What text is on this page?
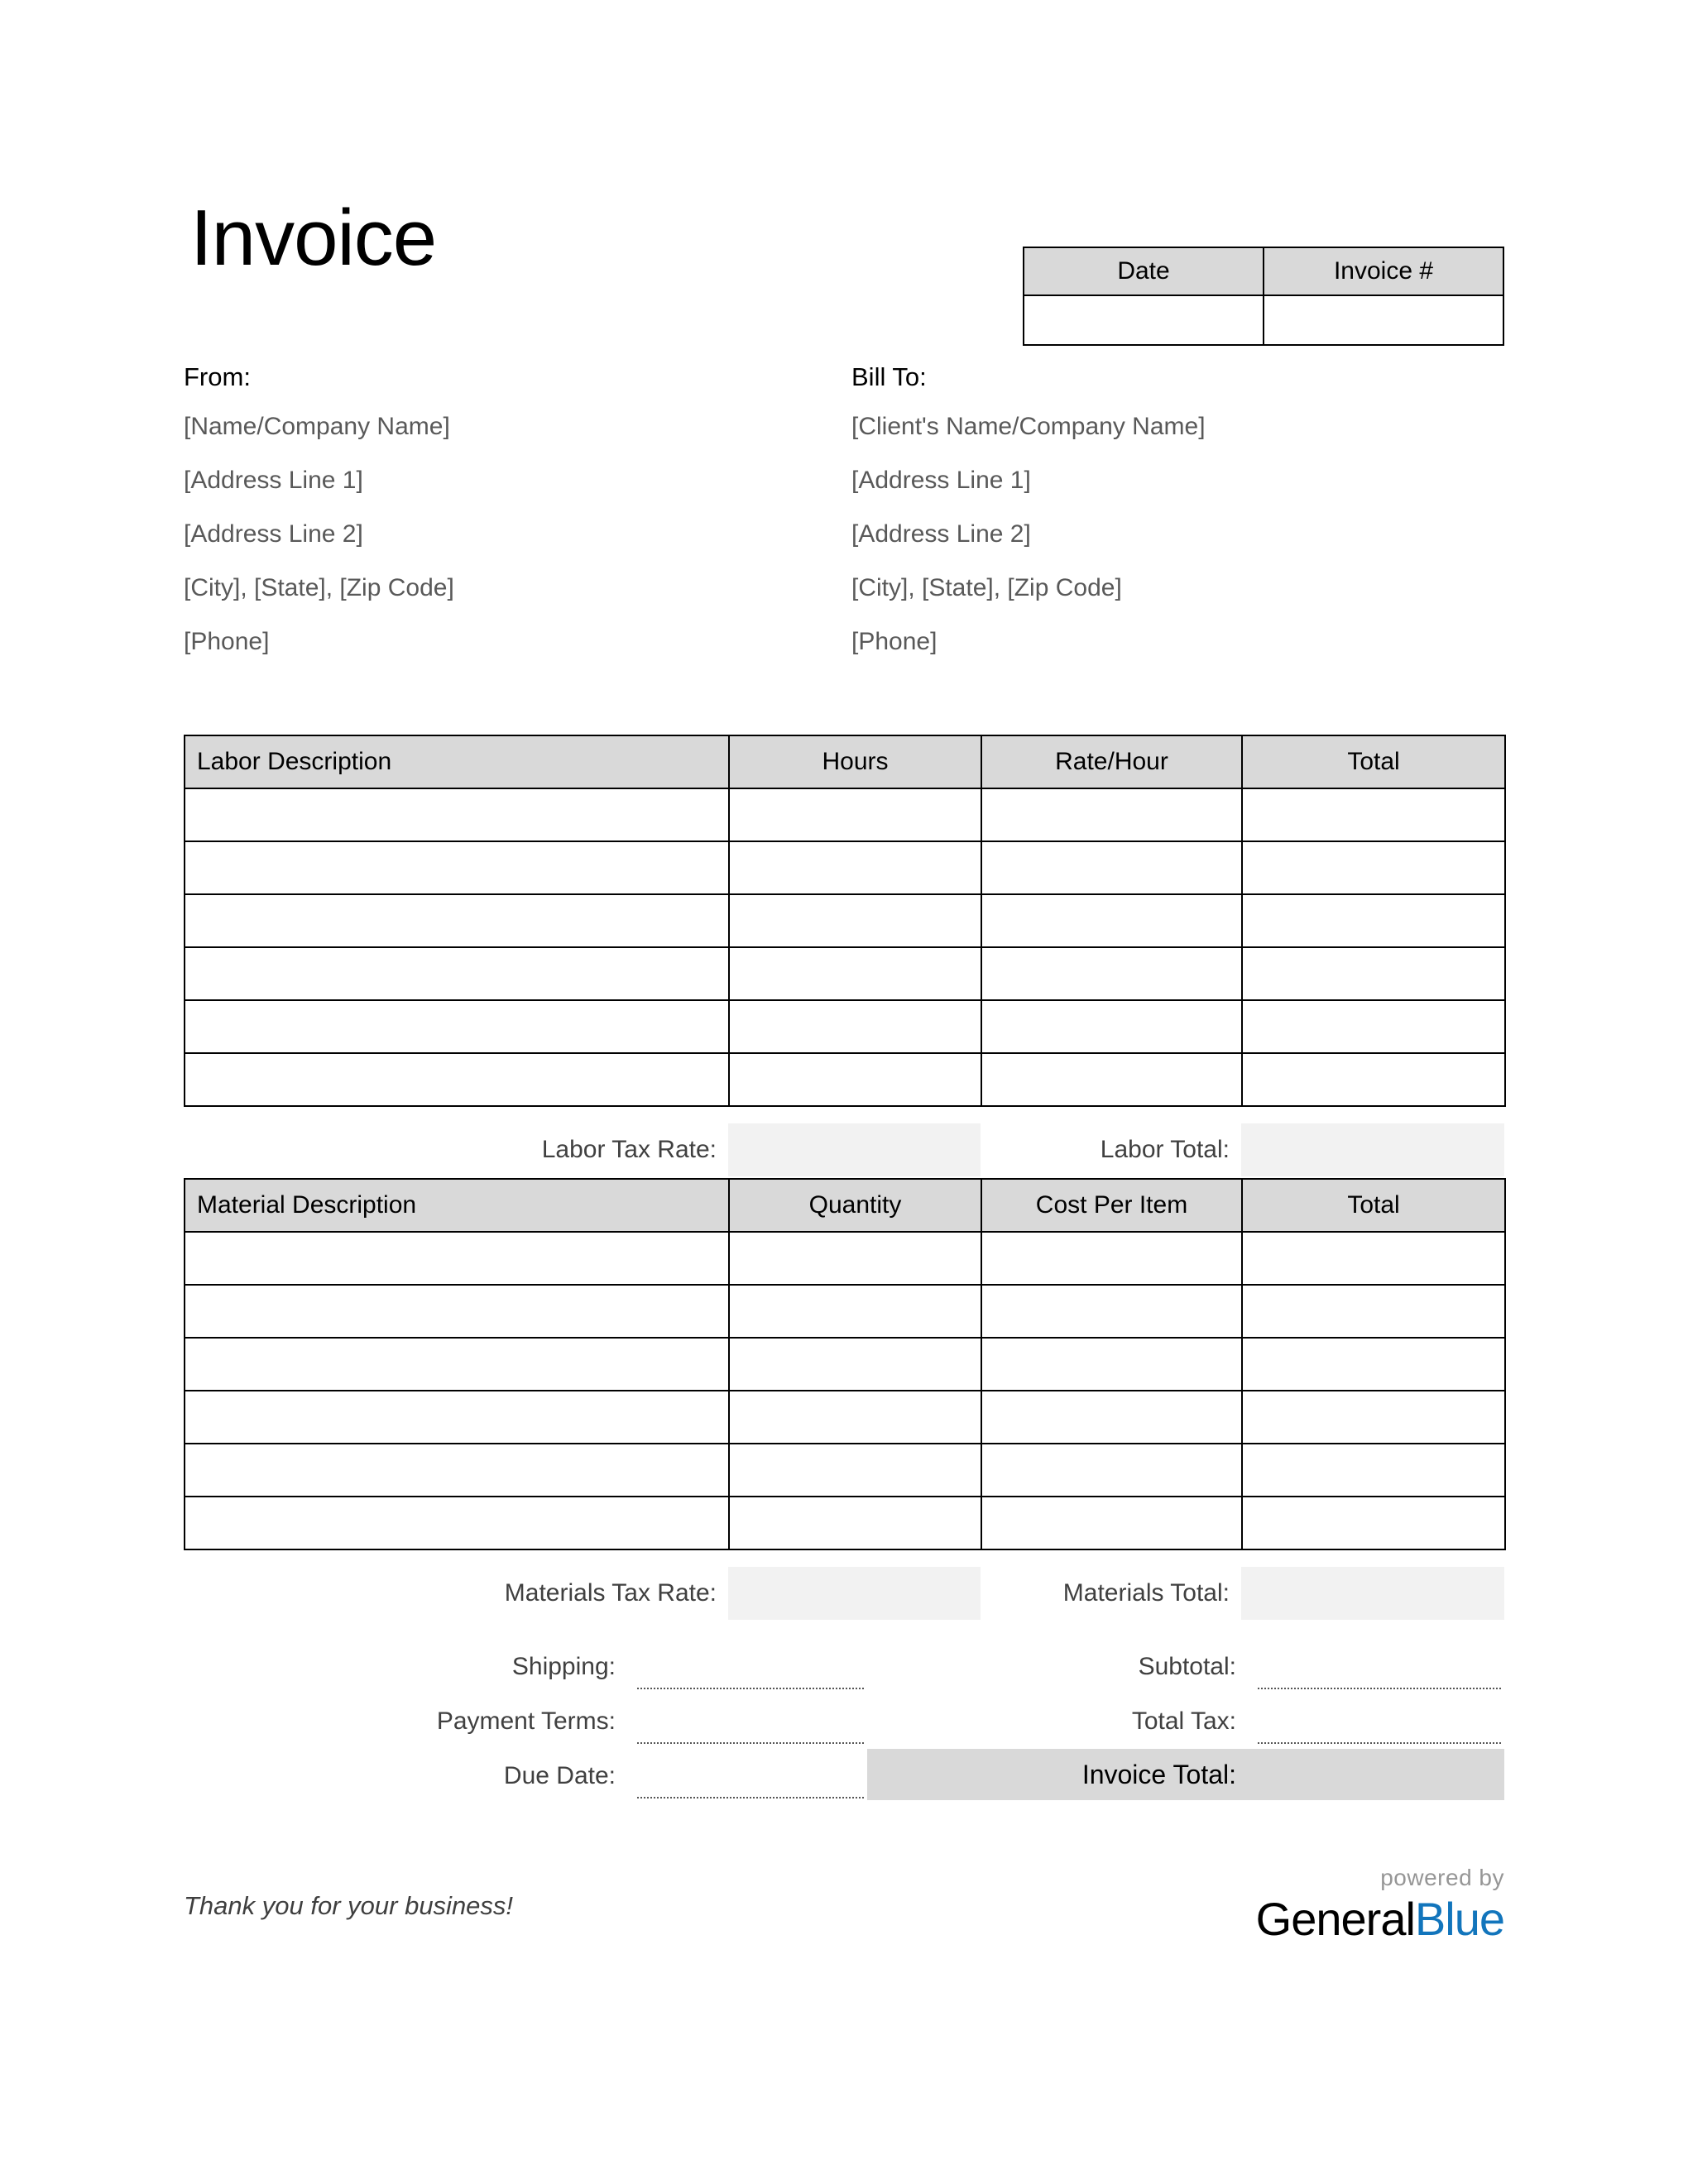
Invoice	Date	Invoice #

From:
[Name/Company Name]
[Address Line 1]
[Address Line 2]
[City], [State], [Zip Code]
[Phone]
Bill To:
[Client's Name/Company Name]
[Address Line 1]
[Address Line 2]
[City], [State], [Zip Code]
[Phone]
Labor Description	Hours	Rate/Hour	Total

Labor Tax Rate:	Labor Total:
Material Description	Quantity	Cost Per Item	Total

Materials Tax Rate:	Materials Total:
Shipping:	Subtotal:
Payment Terms:	Total Tax:
Due Date:	Invoice Total:
Thank you for your business!
powered by
GeneralBlue
